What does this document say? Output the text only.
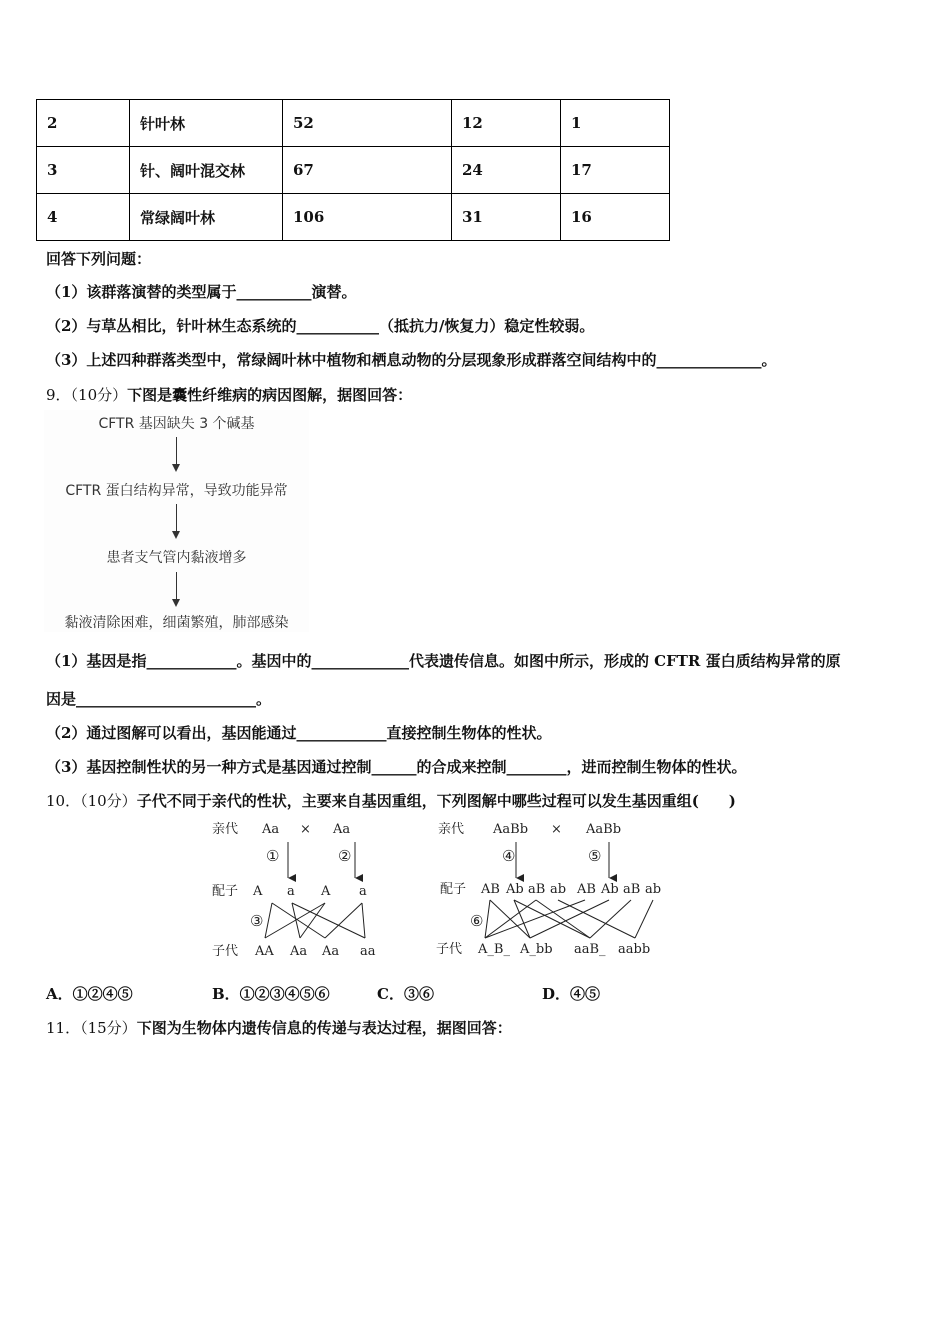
2	针叶林	52	12	1
3	针、阔叶混交林	67	24	17
4	常绿阔叶林	106	31	16
回答下列问题：
（1）该群落演替的类型属于__________演替。
（2）与草丛相比，针叶林生态系统的___________（抵抗力/恢复力）稳定性较弱。
（3）上述四种群落类型中，常绿阔叶林中植物和栖息动物的分层现象形成群落空间结构中的______________。
9．（10分）下图是囊性纤维病的病因图解，据图回答：
CFTR 基因缺失 3 个碱基
CFTR 蛋白结构异常，导致功能异常
患者支气管内黏液增多
黏液清除困难，细菌繁殖，肺部感染
（1）基因是指____________。基因中的_____________代表遗传信息。如图中所示，形成的 CFTR 蛋白质结构异常的原
因是________________________。
（2）通过图解可以看出，基因能通过____________直接控制生物体的性状。
（3）基因控制性状的另一种方式是基因通过控制______的合成来控制________，进而控制生物体的性状。
10．（10分）子代不同于亲代的性状，主要来自基因重组，下列图解中哪些过程可以发生基因重组(　　)
亲代 Aa × Aa
①	②
配子 A a A a
③
子代 AA Aa Aa aa
亲代 AaBb × AaBb
④	⑤
配子 AB Ab aB ab AB Ab aB ab
⑥
子代 A_B_ A_bb aaB_ aabb
A．①②④⑤	B．①②③④⑤⑥	C．③⑥	D．④⑤
11．（15分）下图为生物体内遗传信息的传递与表达过程，据图回答：
